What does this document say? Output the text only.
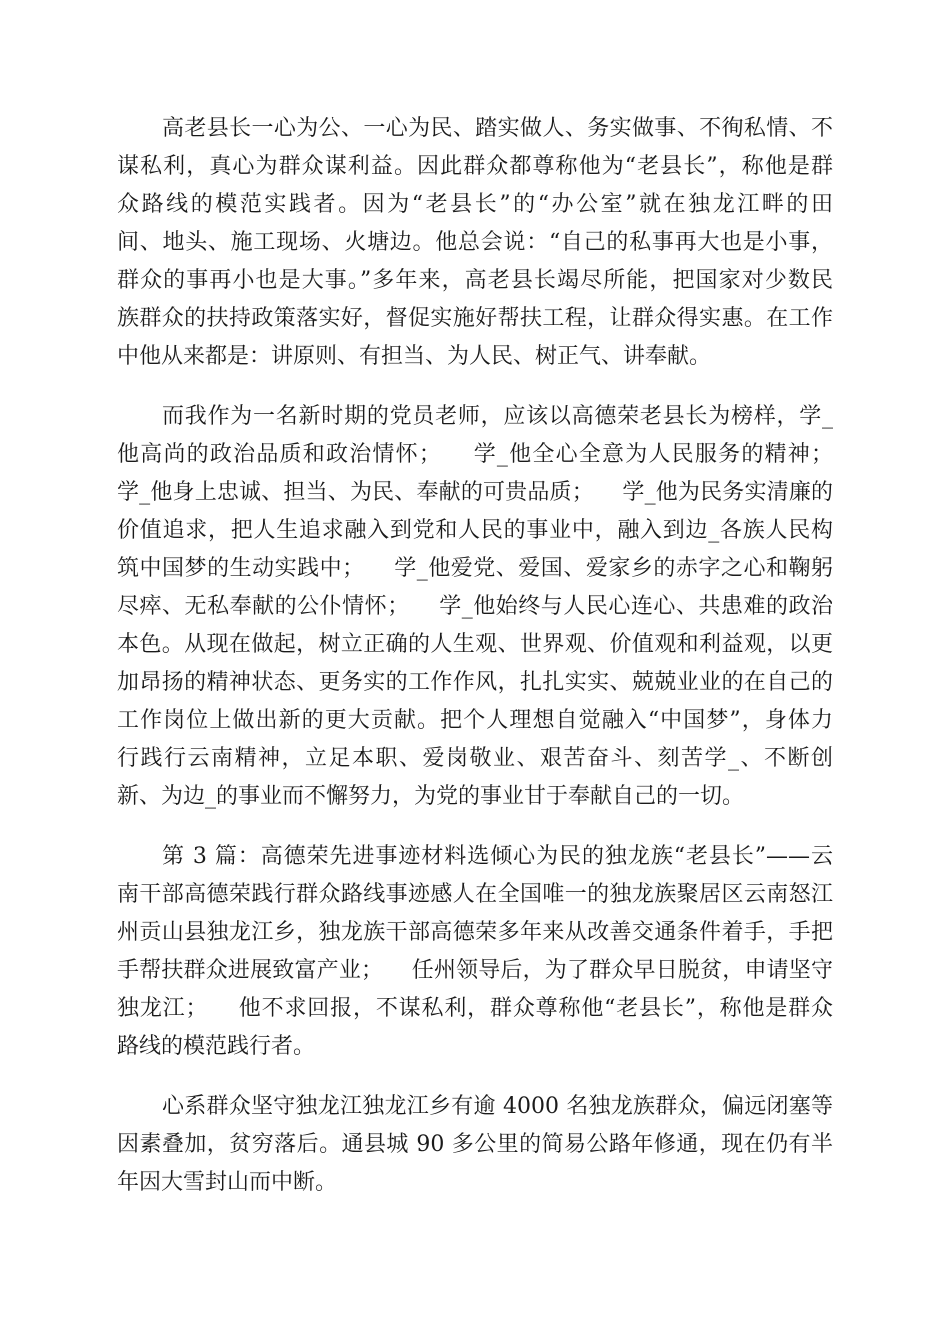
高老县长一心为公、一心为民、踏实做人、务实做事、不徇私情、不
谋私利，真心为群众谋利益。因此群众都尊称他为“老县长”，称他是群
众路线的模范实践者。因为“老县长”的“办公室”就在独龙江畔的田
间、地头、施工现场、火塘边。他总会说：“自己的私事再大也是小事，
群众的事再小也是大事。”多年来，高老县长竭尽所能，把国家对少数民
族群众的扶持政策落实好，督促实施好帮扶工程，让群众得实惠。在工作
中他从来都是：讲原则、有担当、为人民、树正气、讲奉献。
而我作为一名新时期的党员老师，应该以高德荣老县长为榜样，学_
他高尚的政治品质和政治情怀；    学_他全心全意为人民服务的精神；
学_他身上忠诚、担当、为民、奉献的可贵品质；    学_他为民务实清廉的
价值追求，把人生追求融入到党和人民的事业中，融入到边_各族人民构
筑中国梦的生动实践中；    学_他爱党、爱国、爱家乡的赤字之心和鞠躬
尽瘁、无私奉献的公仆情怀；    学_他始终与人民心连心、共患难的政治
本色。从现在做起，树立正确的人生观、世界观、价值观和利益观，以更
加昂扬的精神状态、更务实的工作作风，扎扎实实、兢兢业业的在自己的
工作岗位上做出新的更大贡献。把个人理想自觉融入“中国梦”，身体力
行践行云南精神，立足本职、爱岗敬业、艰苦奋斗、刻苦学_、不断创
新、为边_的事业而不懈努力，为党的事业甘于奉献自己的一切。
第 3 篇：高德荣先进事迹材料选倾心为民的独龙族“老县长”——云
南干部高德荣践行群众路线事迹感人在全国唯一的独龙族聚居区云南怒江
州贡山县独龙江乡，独龙族干部高德荣多年来从改善交通条件着手，手把
手帮扶群众进展致富产业；    任州领导后，为了群众早日脱贫，申请坚守
独龙江；    他不求回报，不谋私利，群众尊称他“老县长”，称他是群众
路线的模范践行者。
心系群众坚守独龙江独龙江乡有逾 4000 名独龙族群众，偏远闭塞等
因素叠加，贫穷落后。通县城 90 多公里的简易公路年修通，现在仍有半
年因大雪封山而中断。
